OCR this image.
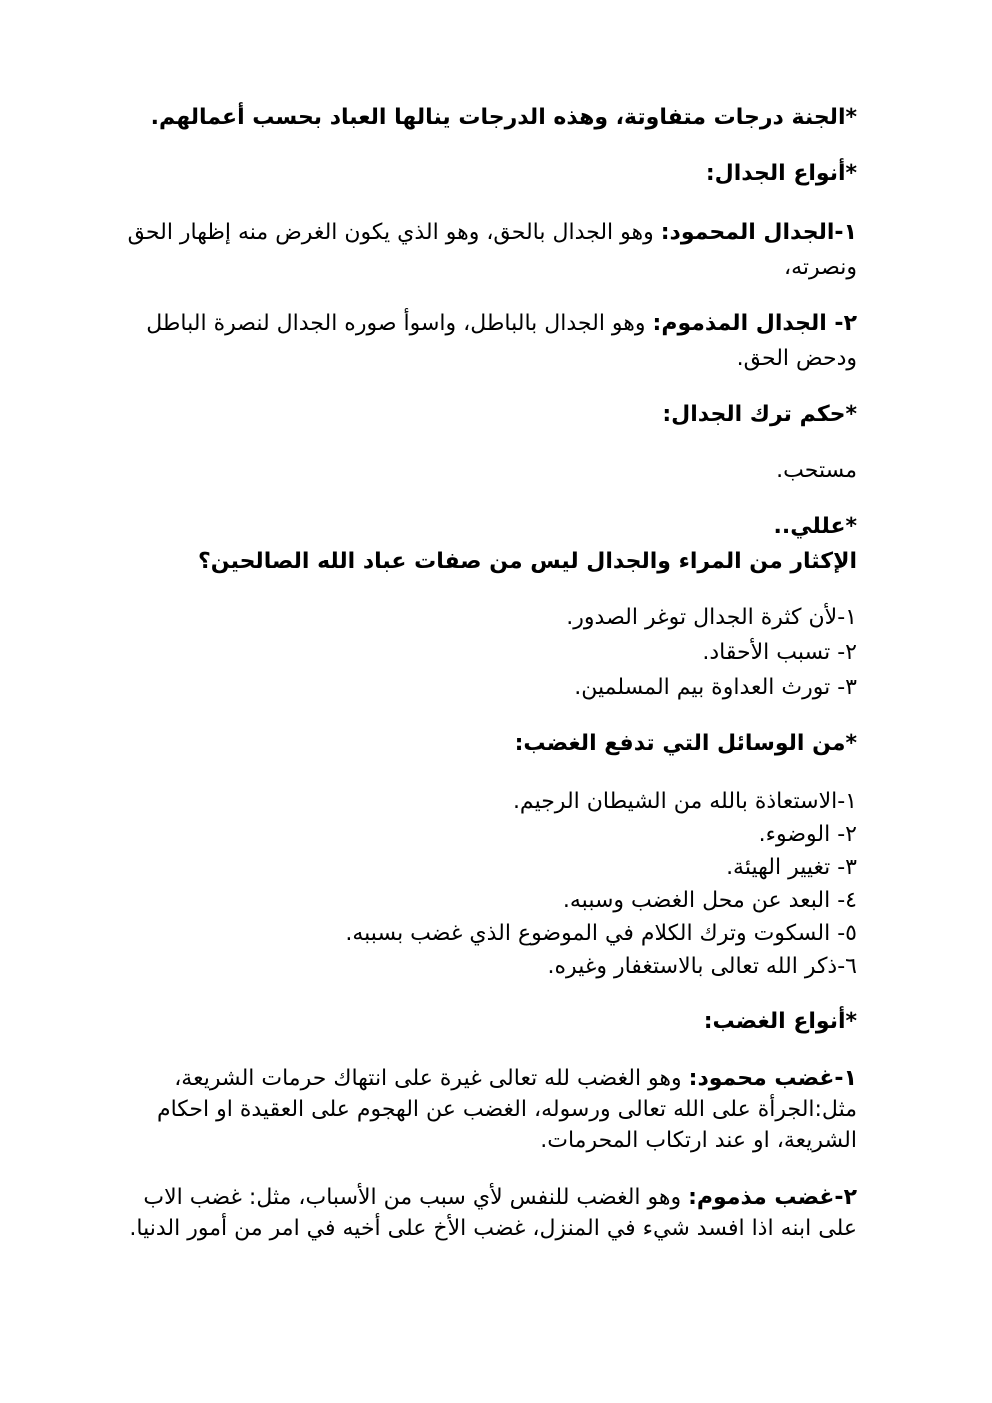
*الجنة درجات متفاوتة، وهذه الدرجات ينالها العباد بحسب أعمالهم.

*أنواع الجدال:

١-الجدال المحمود: وهو الجدال بالحق، وهو الذي يكون الغرض منه إظهار الحق ونصرته،

٢- الجدال المذموم: وهو الجدال بالباطل، واسوأ صوره الجدال لنصرة الباطل ودحض الحق.

*حكم ترك الجدال:

مستحب.

*عللي..
الإكثار من المراء والجدال ليس من صفات عباد الله الصالحين؟
١-لأن كثرة الجدال توغر الصدور.
٢- تسبب الأحقاد.
٣- تورث العداوة بيم المسلمين.

*من الوسائل التي تدفع الغضب:

١-الاستعاذة بالله من الشيطان الرجيم.
٢- الوضوء.
٣- تغيير الهيئة.
٤- البعد عن محل الغضب وسببه.
٥- السكوت وترك الكلام في الموضوع الذي غضب بسببه.
٦-ذكر الله تعالى بالاستغفار وغيره.

*أنواع الغضب:

١-غضب محمود: وهو الغضب لله تعالى غيرة على انتهاك حرمات الشريعة، مثل:الجرأة على الله تعالى ورسوله، الغضب عن الهجوم على العقيدة او احكام الشريعة، او عند ارتكاب المحرمات.

٢-غضب مذموم: وهو الغضب للنفس لأي سبب من الأسباب، مثل: غضب الاب على ابنه اذا افسد شيء في المنزل، غضب الأخ على أخيه في امر من أمور الدنيا.
